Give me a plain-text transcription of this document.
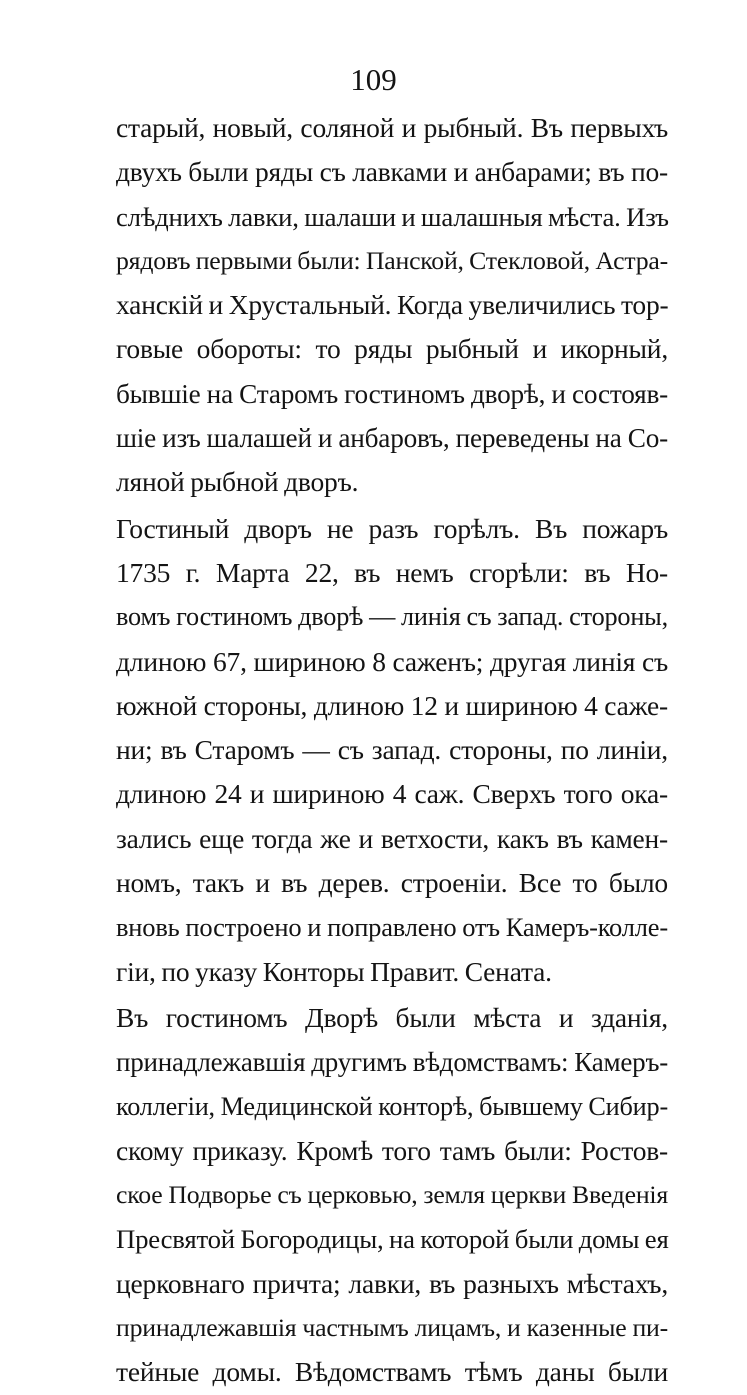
109
старый, новый, соляной и рыбный. Въ первыхъ
двухъ были ряды съ лавками и анбарами; въ по-
слѣднихъ лавки, шалаши и шалашныя мѣста. Изъ
рядовъ первыми были: Панской, Стекловой, Астра-
ханскій и Хрустальный. Когда увеличились тор-
говые обороты: то ряды рыбный и икорный,
бывшіе на Старомъ гостиномъ дворѣ, и состояв-
шіе изъ шалашей и анбаровъ, переведены на Со-
ляной рыбной дворъ.
Гостиный дворъ не разъ горѣлъ. Въ пожаръ
1735 г. Марта 22, въ немъ сгорѣли: въ Но-
вомъ гостиномъ дворѣ — линія съ запад. стороны,
длиною 67, шириною 8 саженъ; другая линія съ
южной стороны, длиною 12 и шириною 4 саже-
ни; въ Старомъ — съ запад. стороны, по линіи,
длиною 24 и шириною 4 саж. Сверхъ того ока-
зались еще тогда же и ветхости, какъ въ камен-
номъ, такъ и въ дерев. строеніи. Все то было
вновь построено и поправлено отъ Камеръ-колле-
гіи, по указу Конторы Правит. Сената.
Въ гостиномъ Дворѣ были мѣста и зданія,
принадлежавшія другимъ вѣдомствамъ: Камеръ-
коллегіи, Медицинской конторѣ, бывшему Сибир-
скому приказу. Кромѣ того тамъ были: Ростов-
ское Подворье съ церковью, земля церкви Введенія
Пресвятой Богородицы, на которой были домы ея
церковнаго причта; лавки, въ разныхъ мѣстахъ,
принадлежавшія частнымъ лицамъ, и казенные пи-
тейные домы. Вѣдомствамъ тѣмъ даны были
